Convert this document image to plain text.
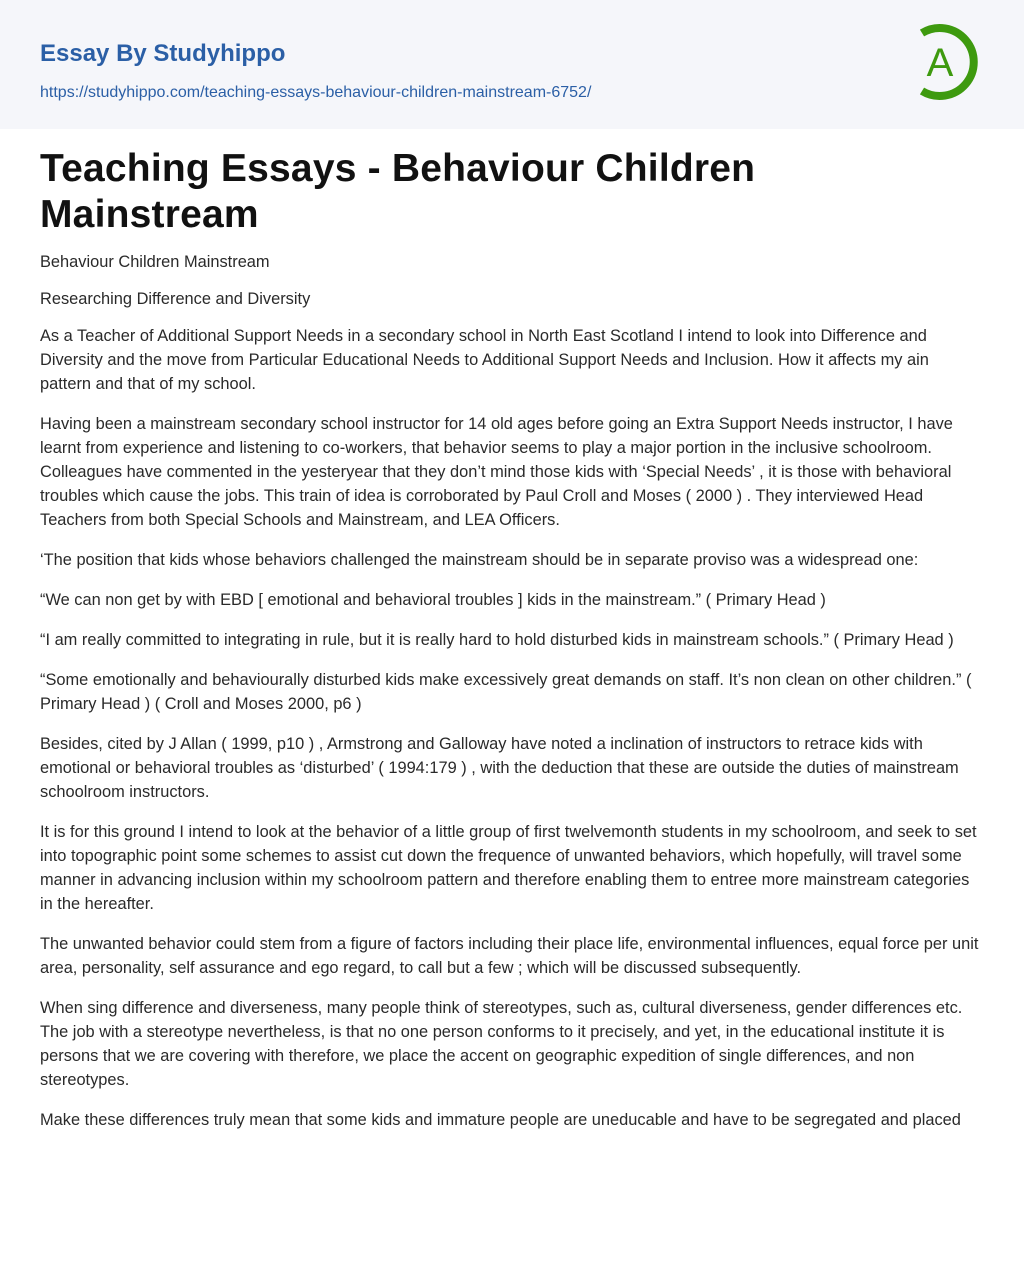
Essay By Studyhippo
https://studyhippo.com/teaching-essays-behaviour-children-mainstream-6752/
A
Teaching Essays - Behaviour Children Mainstream

Behaviour Children Mainstream

Researching Difference and Diversity

As a Teacher of Additional Support Needs in a secondary school in North East Scotland I intend to look into Difference and Diversity and the move from Particular Educational Needs to Additional Support Needs and Inclusion. How it affects my ain pattern and that of my school.

Having been a mainstream secondary school instructor for 14 old ages before going an Extra Support Needs instructor, I have learnt from experience and listening to co-workers, that behavior seems to play a major portion in the inclusive schoolroom. Colleagues have commented in the yesteryear that they don’t mind those kids with ‘Special Needs’ , it is those with behavioral troubles which cause the jobs. This train of idea is corroborated by Paul Croll and Moses ( 2000 ) . They interviewed Head Teachers from both Special Schools and Mainstream, and LEA Officers.

‘The position that kids whose behaviors challenged the mainstream should be in separate proviso was a widespread one:

“We can non get by with EBD [ emotional and behavioral troubles ] kids in the mainstream.” ( Primary Head )

“I am really committed to integrating in rule, but it is really hard to hold disturbed kids in mainstream schools.” ( Primary Head )

“Some emotionally and behaviourally disturbed kids make excessively great demands on staff. It’s non clean on other children.” ( Primary Head ) ( Croll and Moses 2000, p6 )

Besides, cited by J Allan ( 1999, p10 ) , Armstrong and Galloway have noted a inclination of instructors to retrace kids with emotional or behavioral troubles as ‘disturbed’ ( 1994:179 ) , with the deduction that these are outside the duties of mainstream schoolroom instructors.

It is for this ground I intend to look at the behavior of a little group of first twelvemonth students in my schoolroom, and seek to set into topographic point some schemes to assist cut down the frequence of unwanted behaviors, which hopefully, will travel some manner in advancing inclusion within my schoolroom pattern and therefore enabling them to entree more mainstream categories in the hereafter.

The unwanted behavior could stem from a figure of factors including their place life, environmental influences, equal force per unit area, personality, self assurance and ego regard, to call but a few ; which will be discussed subsequently.

When sing difference and diverseness, many people think of stereotypes, such as, cultural diverseness, gender differences etc. The job with a stereotype nevertheless, is that no one person conforms to it precisely, and yet, in the educational institute it is persons that we are covering with therefore, we place the accent on geographic expedition of single differences, and non stereotypes.

Make these differences truly mean that some kids and immature people are uneducable and have to be segregated and placed
